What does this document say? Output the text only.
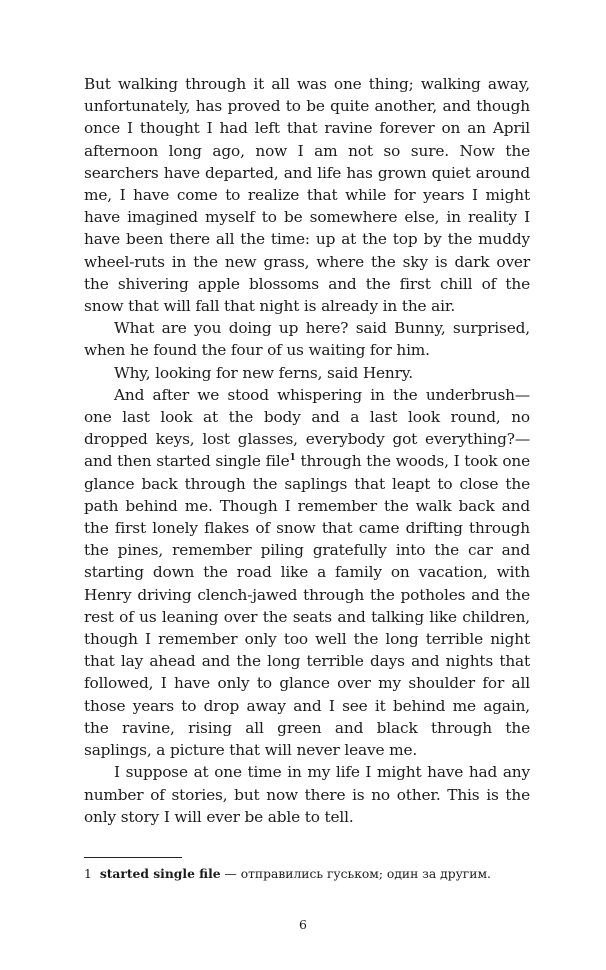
But walking through it all was one thing; walking away, unfortunately, has proved to be quite another, and though once I thought I had left that ravine forever on an April afternoon long ago, now I am not so sure. Now the searchers have departed, and life has grown quiet around me, I have come to realize that while for years I might have imagined myself to be somewhere else, in reality I have been there all the time: up at the top by the muddy wheel-ruts in the new grass, where the sky is dark over the shivering apple blossoms and the first chill of the snow that will fall that night is already in the air.

What are you doing up here? said Bunny, surprised, when he found the four of us waiting for him.

Why, looking for new ferns, said Henry.

And after we stood whispering in the underbrush—one last look at the body and a last look round, no dropped keys, lost glasses, everybody got everything?—and then started single file$^1$ through the woods, I took one glance back through the saplings that leapt to close the path behind me. Though I remember the walk back and the first lonely flakes of snow that came drifting through the pines, remember piling gratefully into the car and starting down the road like a family on vacation, with Henry driving clench-jawed through the potholes and the rest of us leaning over the seats and talking like children, though I remember only too well the long terrible night that lay ahead and the long terrible days and nights that followed, I have only to glance over my shoulder for all those years to drop away and I see it behind me again, the ravine, rising all green and black through the saplings, a picture that will never leave me.

I suppose at one time in my life I might have had any number of stories, but now there is no other. This is the only story I will ever be able to tell.

1 started single file — отправились гуськом; один за другим.
6
